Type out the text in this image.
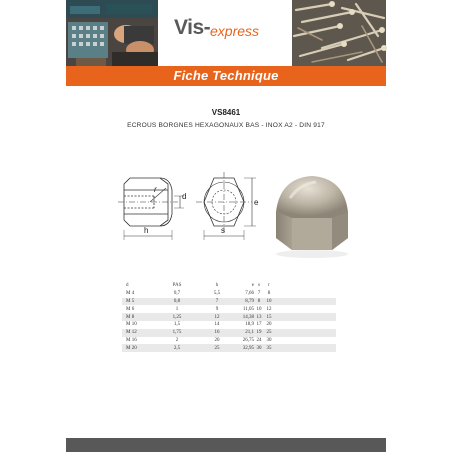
Vis- express
Fiche Technique
VS8461
ECROUS BORGNES HEXAGONAUX BAS - INOX A2 - DIN 917
r
d
h
e
s
d	PAS	h	e	s	r	
M 4	0,7	5,5	7,66	7	8	
M 5	0,8	7	8,79	8	10	
M 6	1	9	11,05	10	12	
M 8	1,25	12	14,38	13	15	
M 10	1,5	14	18,9	17	20	
M 12	1,75	16	21,1	19	25	
M 16	2	20	26,75	24	30	
M 20	2,5	25	32,95	30	35	
